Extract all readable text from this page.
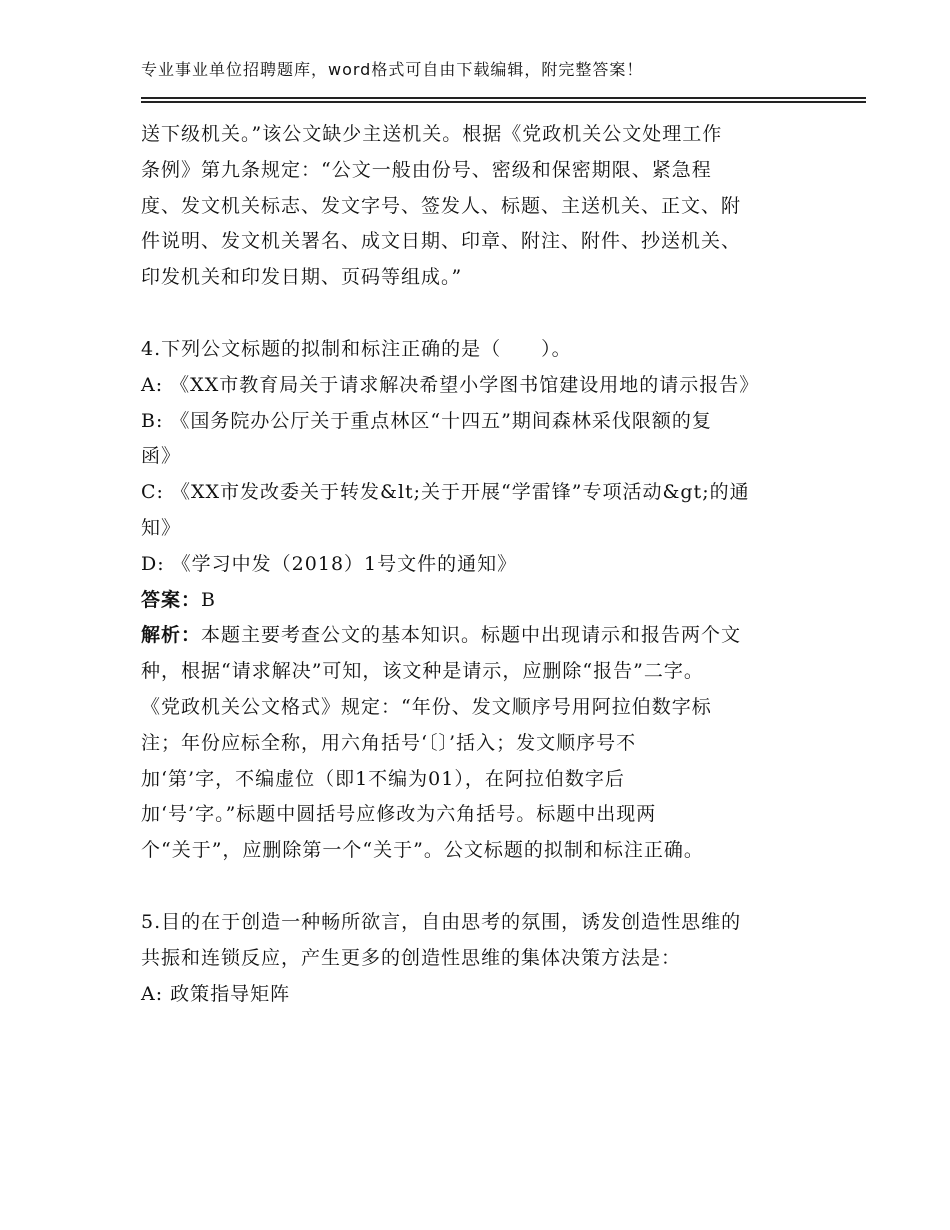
专业事业单位招聘题库，word格式可自由下载编辑，附完整答案！
送下级机关。”该公文缺少主送机关。根据《党政机关公文处理工作
条例》第九条规定：“公文一般由份号、密级和保密期限、紧急程
度、发文机关标志、发文字号、签发人、标题、主送机关、正文、附
件说明、发文机关署名、成文日期、印章、附注、附件、抄送机关、
印发机关和印发日期、页码等组成。”
4.下列公文标题的拟制和标注正确的是（　　）。
A: 《XX市教育局关于请求解决希望小学图书馆建设用地的请示报告》
B: 《国务院办公厅关于重点林区“十四五”期间森林采伐限额的复
函》
C: 《XX市发改委关于转发&lt;关于开展“学雷锋”专项活动&gt;的通
知》
D: 《学习中发（2018）1号文件的通知》
答案：B
解析：本题主要考查公文的基本知识。标题中出现请示和报告两个文
种，根据“请求解决”可知，该文种是请示，应删除“报告”二字。
《党政机关公文格式》规定：“年份、发文顺序号用阿拉伯数字标
注；年份应标全称，用六角括号‘〔〕’括入；发文顺序号不
加‘第’字，不编虚位（即1不编为01），在阿拉伯数字后
加‘号’字。”标题中圆括号应修改为六角括号。标题中出现两
个“关于”，应删除第一个“关于”。公文标题的拟制和标注正确。
5.目的在于创造一种畅所欲言，自由思考的氛围，诱发创造性思维的
共振和连锁反应，产生更多的创造性思维的集体决策方法是：
A: 政策指导矩阵
